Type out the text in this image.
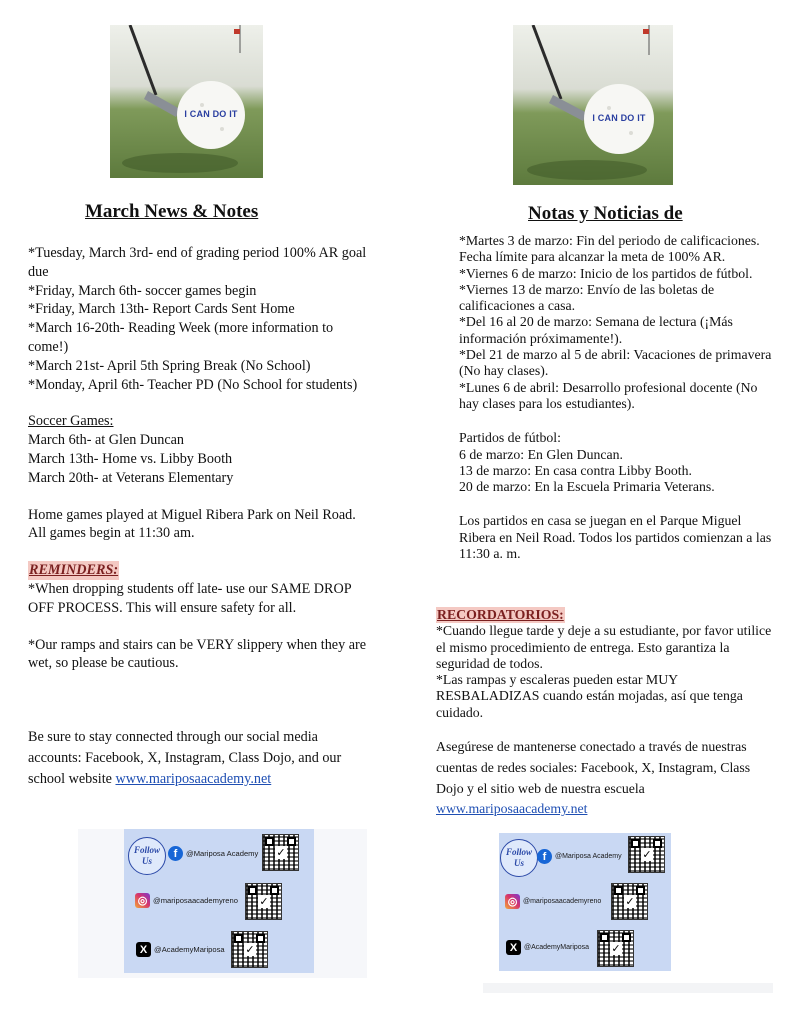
I CAN DO IT
March News & Notes

*Tuesday, March 3rd- end of grading period 100% AR goal due

*Friday, March 6th- soccer games begin

*Friday, March 13th- Report Cards Sent Home

*March 16-20th- Reading Week (more information to come!)

*March 21st- April 5th Spring Break (No School)

*Monday, April 6th- Teacher PD (No School for students)

Soccer Games:

March 6th- at Glen Duncan

March 13th- Home vs. Libby Booth

March 20th- at Veterans Elementary

Home games played at Miguel Ribera Park on Neil Road. All games begin at 11:30 am.

REMINDERS:

*When dropping students off late- use our SAME DROP OFF PROCESS. This will ensure safety for all.

*Our ramps and stairs can be VERY slippery when they are wet, so please be cautious.

Be sure to stay connected through our social media accounts: Facebook, X, Instagram, Class Dojo, and our school website www.mariposaacademy.net
Follow Us
f	@Mariposa Academy ✓
◎ @mariposaacademyreno ✓
X @AcademyMariposa ✓
I CAN DO IT
Notas y Noticias de

*Martes 3 de marzo: Fin del periodo de calificaciones. Fecha límite para alcanzar la meta de 100% AR.

*Viernes 6 de marzo: Inicio de los partidos de fútbol.

*Viernes 13 de marzo: Envío de las boletas de calificaciones a casa.

*Del 16 al 20 de marzo: Semana de lectura (¡Más información próximamente!).

*Del 21 de marzo al 5 de abril: Vacaciones de primavera (No hay clases).

*Lunes 6 de abril: Desarrollo profesional docente (No hay clases para los estudiantes).

Partidos de fútbol:

6 de marzo: En Glen Duncan.

13 de marzo: En casa contra Libby Booth.

20 de marzo: En la Escuela Primaria Veterans.

Los partidos en casa se juegan en el Parque Miguel Ribera en Neil Road. Todos los partidos comienzan a las 11:30 a. m.

RECORDATORIOS:

*Cuando llegue tarde y deje a su estudiante, por favor utilice el mismo procedimiento de entrega. Esto garantiza la seguridad de todos.

*Las rampas y escaleras pueden estar MUY RESBALADIZAS cuando están mojadas, así que tenga cuidado.

Asegúrese de mantenerse conectado a través de nuestras cuentas de redes sociales: Facebook, X, Instagram, Class Dojo y el sitio web de nuestra escuela www.mariposaacademy.net
Follow Us
f	@Mariposa Academy ✓
◎ @mariposaacademyreno ✓
X @AcademyMariposa ✓
